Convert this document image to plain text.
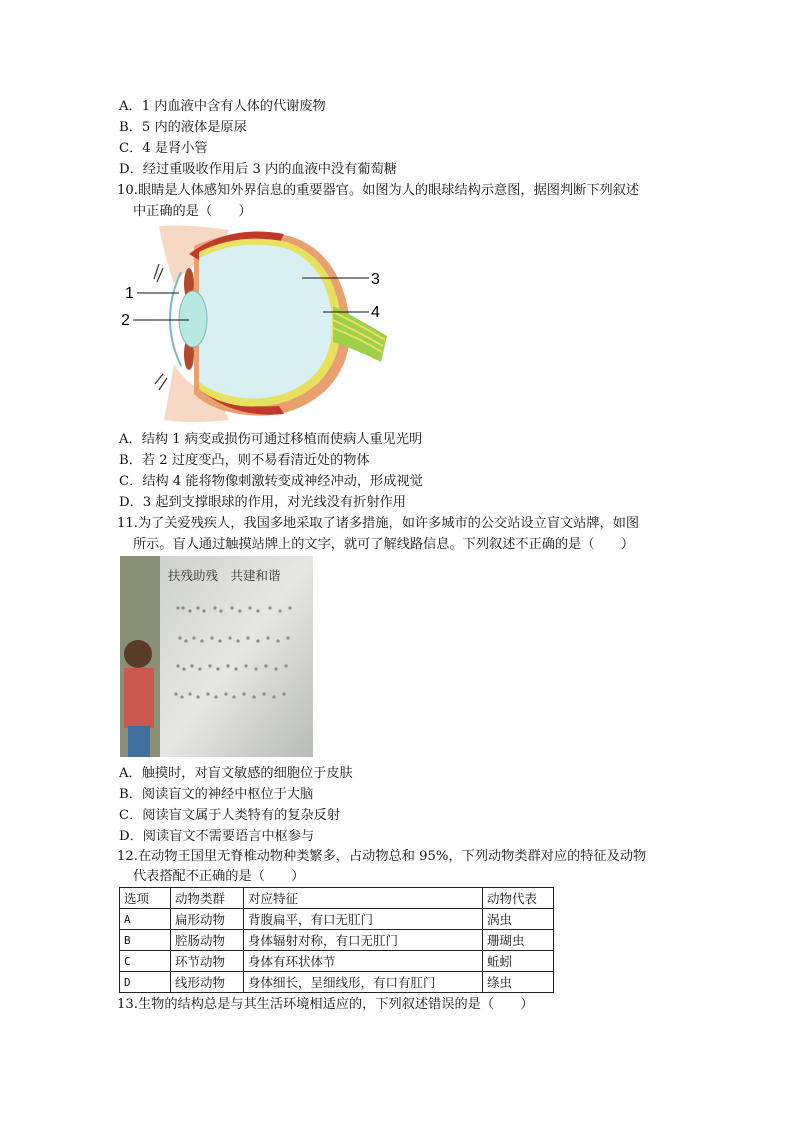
A．1 内血液中含有人体的代谢废物
B．5 内的液体是原尿
C．4 是肾小管
D．经过重吸收作用后 3 内的血液中没有葡萄糖
10.眼睛是人体感知外界信息的重要器官。如图为人的眼球结构示意图，据图判断下列叙述
中正确的是（　　）
1
2
3
4
A．结构 1 病变或损伤可通过移植而使病人重见光明
B．若 2 过度变凸，则不易看清近处的物体
C．结构 4 能将物像刺激转变成神经冲动，形成视觉
D．3 起到支撑眼球的作用，对光线没有折射作用
11.为了关爱残疾人，我国多地采取了诸多措施，如许多城市的公交站设立盲文站牌，如图
所示。盲人通过触摸站牌上的文字，就可了解线路信息。下列叙述不正确的是（　　）
扶残助残　共建和谐
A．触摸时，对盲文敏感的细胞位于皮肤
B．阅读盲文的神经中枢位于大脑
C．阅读盲文属于人类特有的复杂反射
D．阅读盲文不需要语言中枢参与
12.在动物王国里无脊椎动物种类繁多，占动物总和 95%，下列动物类群对应的特征及动物
代表搭配不正确的是（　　）
选项	动物类群	对应特征	动物代表
A	扁形动物	背腹扁平，有口无肛门	涡虫
B	腔肠动物	身体辐射对称，有口无肛门	珊瑚虫
C	环节动物	身体有环状体节	蚯蚓
D	线形动物	身体细长，呈细线形，有口有肛门	绦虫
13.生物的结构总是与其生活环境相适应的，下列叙述错误的是（　　）
